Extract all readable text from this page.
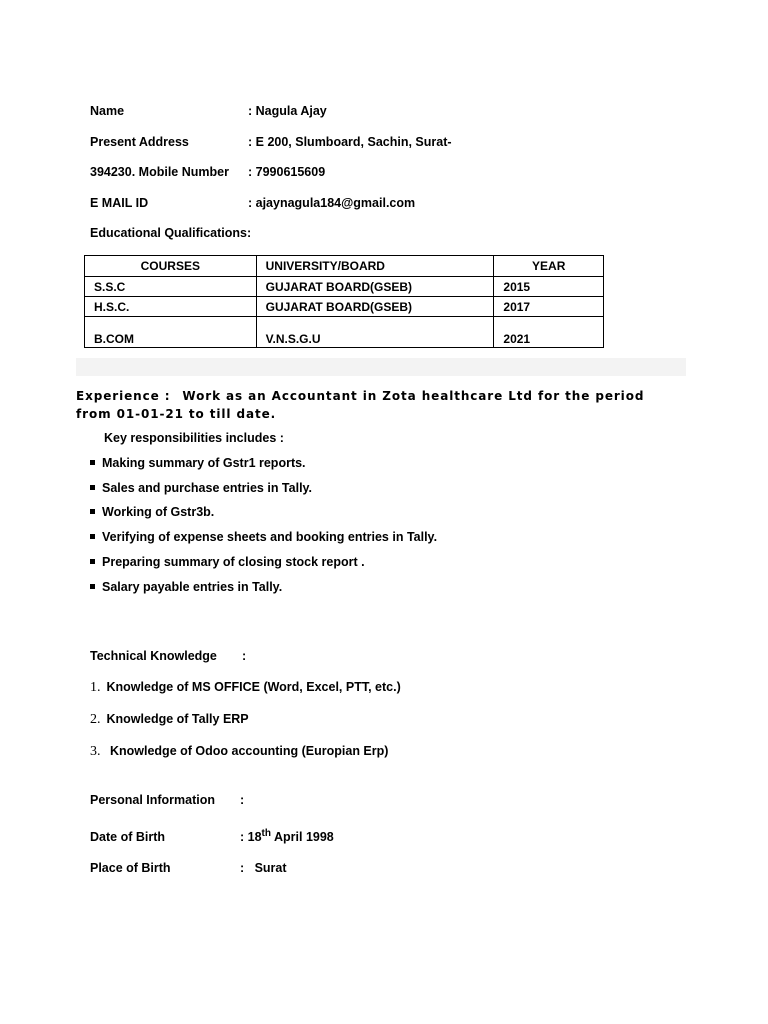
Name	: Nagula Ajay
Present Address	: E 200, Slumboard, Sachin, Surat-
394230. Mobile Number : 7990615609
E MAIL ID	: ajaynagula184@gmail.com
Educational Qualifications:
COURSES	UNIVERSITY/BOARD	YEAR
S.S.C	GUJARAT BOARD(GSEB)	2015
H.S.C.	GUJARAT BOARD(GSEB)	2017
B.COM	V.N.S.G.U	2021
Experience : Work as an Accountant in Zota healthcare Ltd for the period from 01-01-21 to till date.
Key responsibilities includes :
Making summary of Gstr1 reports.
Sales and purchase entries in Tally.
Working of Gstr3b.
Verifying of expense sheets and booking entries in Tally.
Preparing summary of closing stock report .
Salary payable entries in Tally.
Technical Knowledge :
1. Knowledge of MS OFFICE (Word, Excel, PTT, etc.)
2. Knowledge of Tally ERP
3. Knowledge of Odoo accounting (Europian Erp)
Personal Information :
Date of Birth	: 18th April 1998
Place of Birth	:   Surat
